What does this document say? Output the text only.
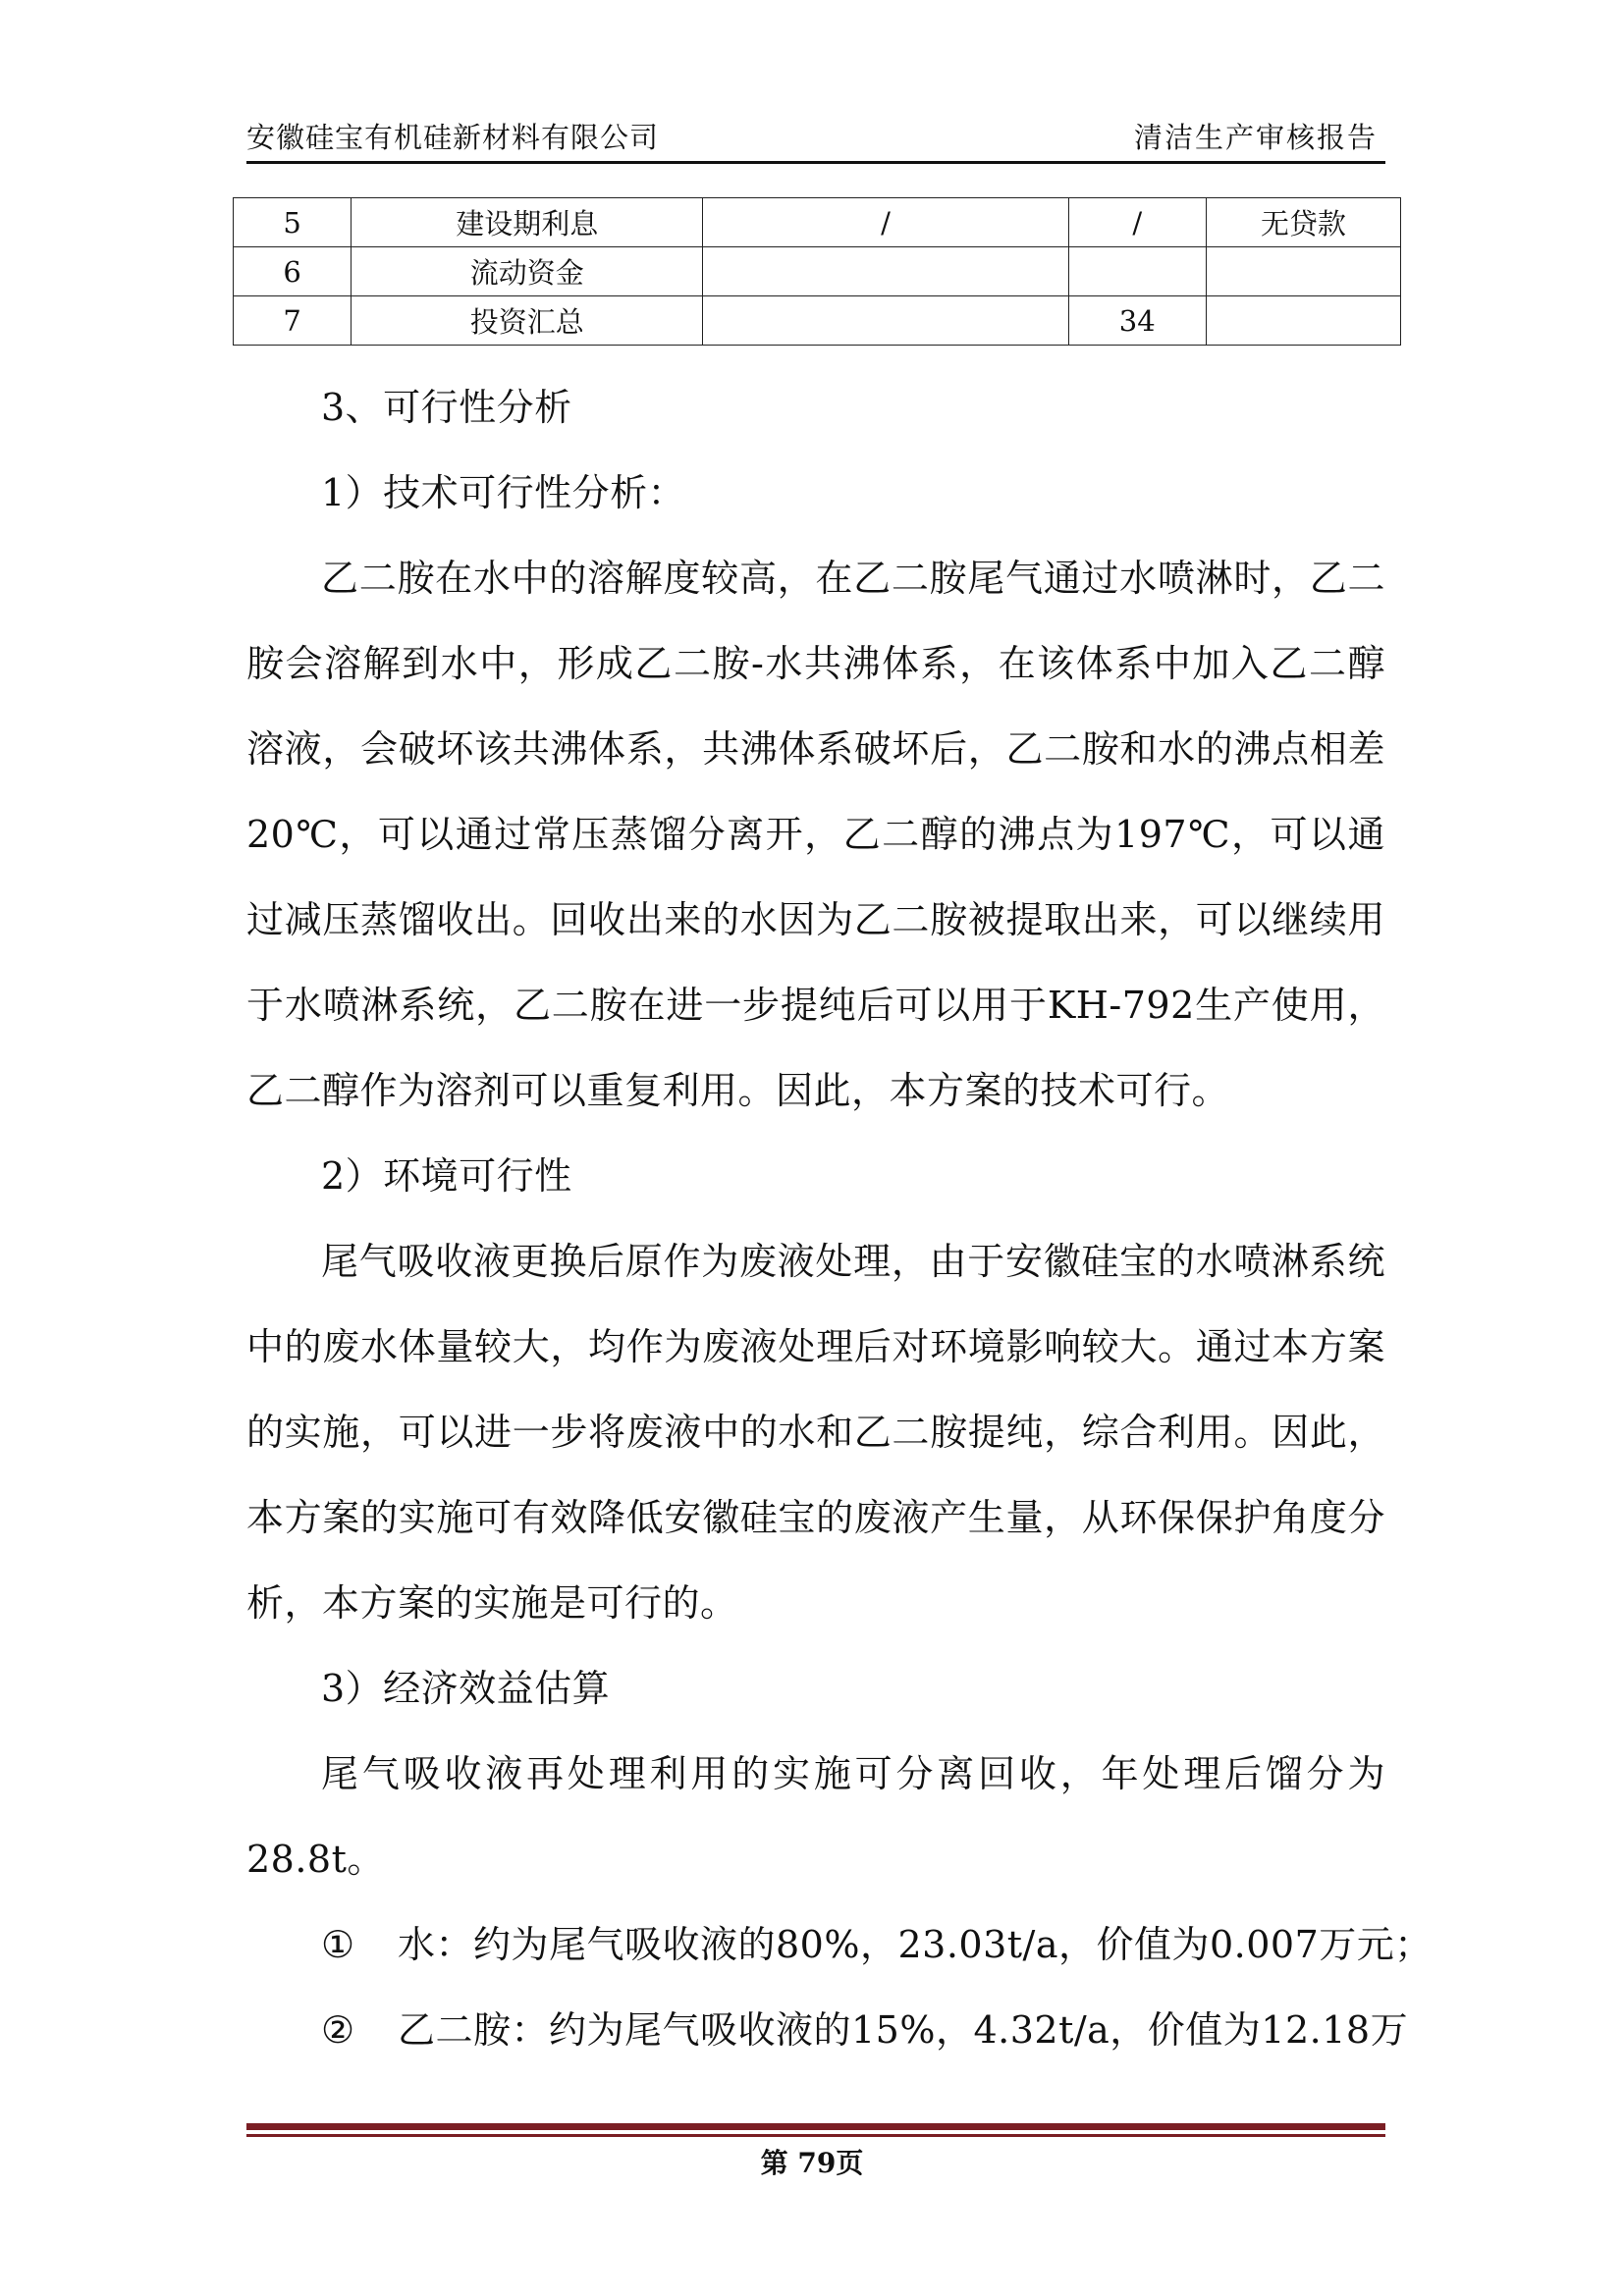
安徽硅宝有机硅新材料有限公司	清洁生产审核报告
5	建设期利息	/	/	无贷款
6	流动资金			
7	投资汇总		34	

3、可行性分析

1）技术可行性分析：

乙二胺在水中的溶解度较高，在乙二胺尾气通过水喷淋时，乙二胺会溶解到水中，形成乙二胺-水共沸体系，在该体系中加入乙二醇溶液，会破坏该共沸体系，共沸体系破坏后，乙二胺和水的沸点相差20℃，可以通过常压蒸馏分离开，乙二醇的沸点为197℃，可以通过减压蒸馏收出。回收出来的水因为乙二胺被提取出来，可以继续用于水喷淋系统，乙二胺在进一步提纯后可以用于KH-792生产使用，乙二醇作为溶剂可以重复利用。因此，本方案的技术可行。

2）环境可行性

尾气吸收液更换后原作为废液处理，由于安徽硅宝的水喷淋系统中的废水体量较大，均作为废液处理后对环境影响较大。通过本方案的实施，可以进一步将废液中的水和乙二胺提纯，综合利用。因此，本方案的实施可有效降低安徽硅宝的废液产生量，从环保保护角度分析，本方案的实施是可行的。

3）经济效益估算

尾气吸收液再处理利用的实施可分离回收，年处理后馏分为28.8t。

① 水：约为尾气吸收液的80%，23.03t/a，价值为0.007万元；
② 乙二胺：约为尾气吸收液的15%，4.32t/a，价值为12.18万
第 79页
